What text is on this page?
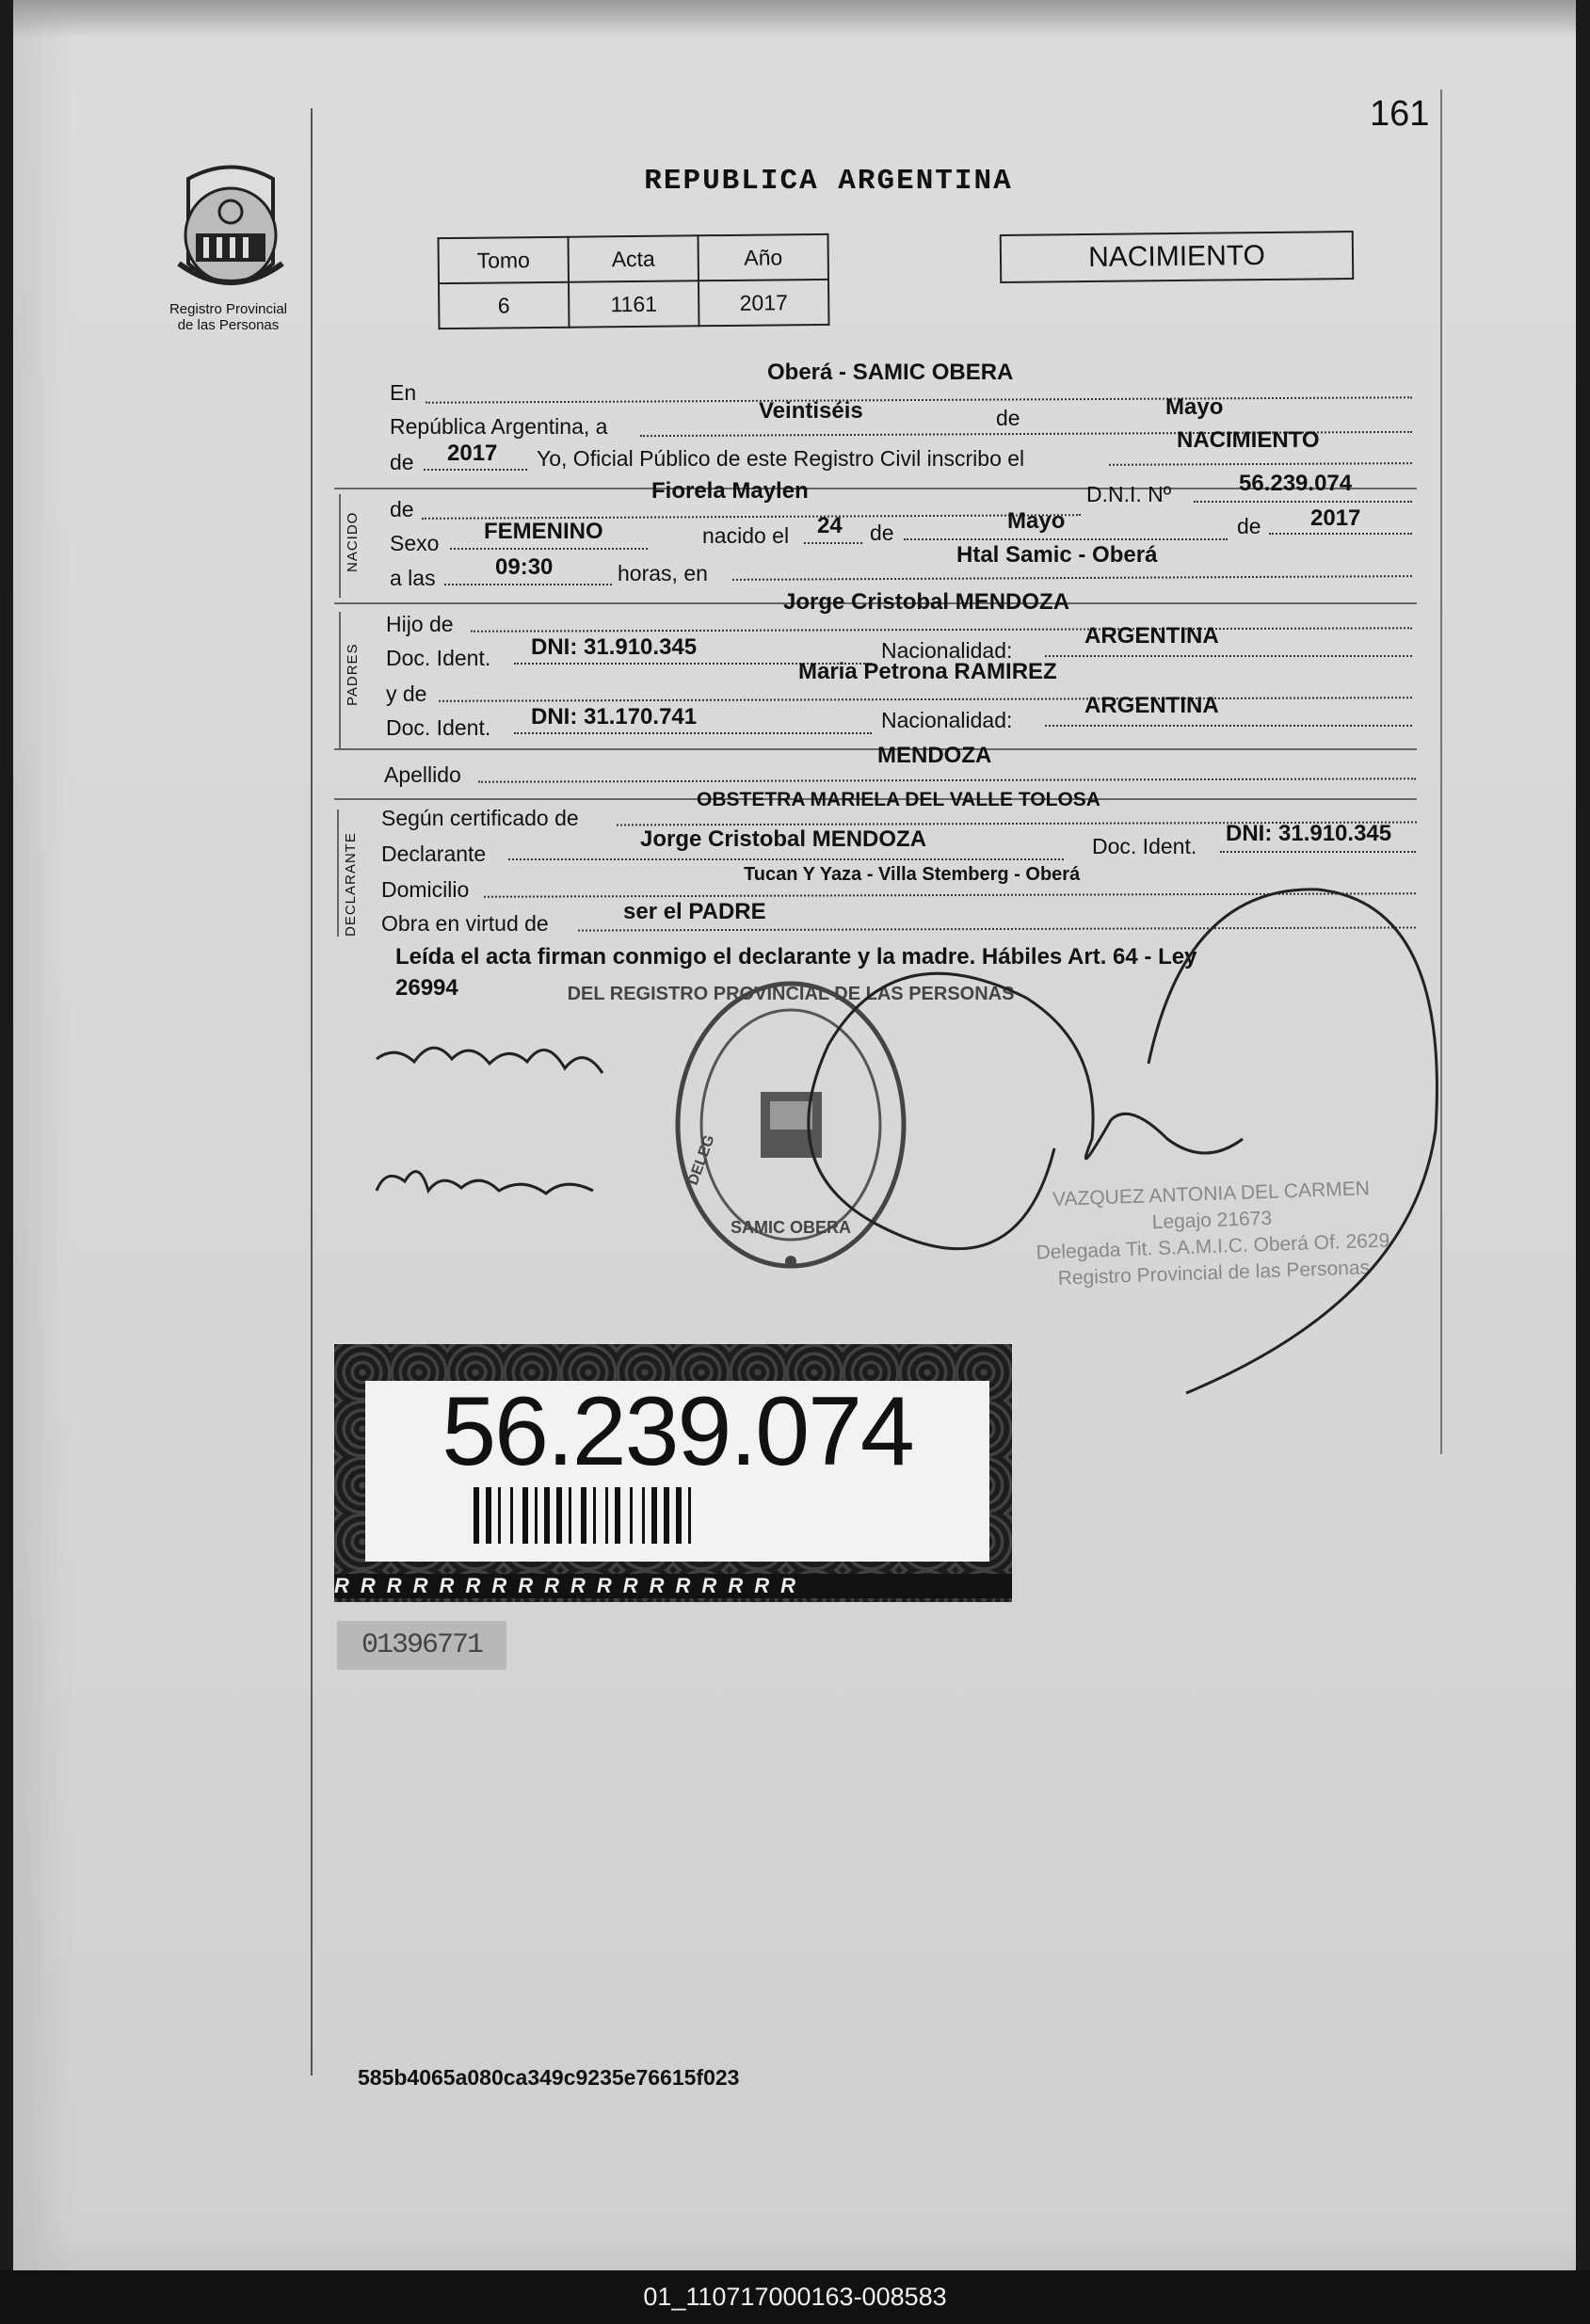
161
Registro Provincial
de las Personas
REPUBLICA ARGENTINA
Tomo	Acta	Año
6	1161	2017
NACIMIENTO
En
Oberá - SAMIC OBERA
República Argentina, a
Veintiséis	de	Mayo
de 2017 Yo, Oficial Público de este Registro Civil inscribo el
NACIMIENTO
NACIDO
de
Fiorela Maylen	D.N.I. Nº	56.239.074
Sexo FEMENINO	nacido el 24 de	Mayo	de 2017
a las	09:30	horas, en
Htal Samic - Oberá
PADRES
Hijo de
Jorge Cristobal MENDOZA
Doc. Ident. DNI: 31.910.345	Nacionalidad:
ARGENTINA
y de
Maria Petrona RAMIREZ
Doc. Ident. DNI: 31.170.741	Nacionalidad:
ARGENTINA
Apellido
MENDOZA
DECLARANTE
Según certificado de
OBSTETRA MARIELA DEL VALLE TOLOSA
Declarante
Jorge Cristobal MENDOZA	Doc. Ident. DNI: 31.910.345
Domicilio
Tucan Y Yaza - Villa Stemberg - Oberá
Obra en virtud de	ser el PADRE
Leída el acta firman conmigo el declarante y la madre. Hábiles Art. 64 - Ley
26994	DEL REGISTRO PROVINCIAL DE LAS PERSONAS
SAMIC OBERA
DELEG
VAZQUEZ ANTONIA DEL CARMEN
Legajo 21673
Delegada Tit. S.A.M.I.C. Oberá Of. 2629
Registro Provincial de las Personas
56.239.074
RRRRRRRRRRRRRRRRRR
01396771
585b4065a080ca349c9235e76615f023
01_110717000163-008583
